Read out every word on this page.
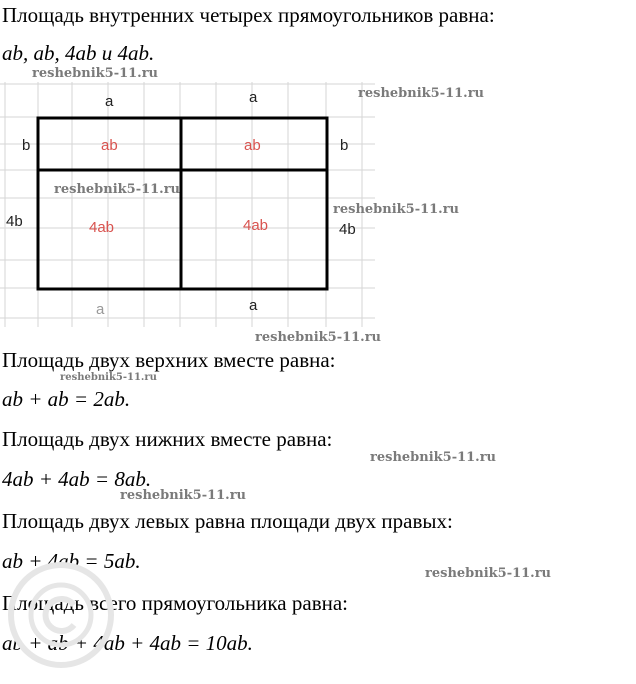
Площадь внутренних четырех прямоугольников равна:
ab, ab, 4ab и 4ab.
a	a
b	b
4b	4b
ab	ab
4ab	4ab
a	a
Площадь двух верхних вместе равна:
ab + ab = 2ab.
Площадь двух нижних вместе равна:
4ab + 4ab = 8ab.
Площадь двух левых равна площади двух правых:
ab + 4ab = 5ab.
Площадь всего прямоугольника равна:
ab + ab + 4ab + 4ab = 10ab.
reshebnik5-11.ru
reshebnik5-11.ru
reshebnik5-11.ru
reshebnik5-11.ru
reshebnik5-11.ru
reshebnik5-11.ru
reshebnik5-11.ru
reshebnik5-11.ru
reshebnik5-11.ru
